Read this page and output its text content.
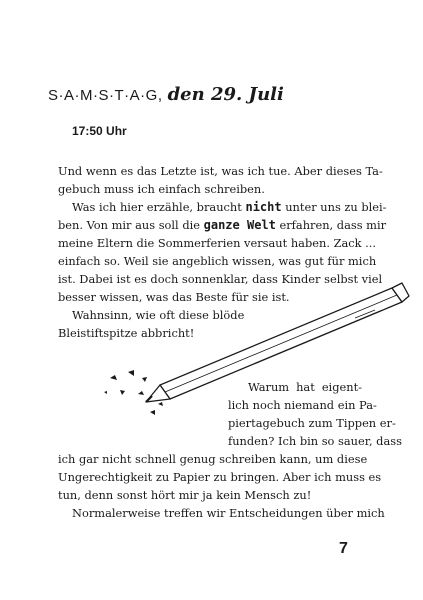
S·A·M·S·T·A·G, den 29. Juli
17:50 Uhr
Und wenn es das Letzte ist, was ich tue. Aber dieses Ta-
gebuch muss ich einfach schreiben.
Was ich hier erzähle, braucht nicht unter uns zu blei-
ben. Von mir aus soll die ganze Welt erfahren, dass mir
meine Eltern die Sommerferien versaut haben. Zack ...
einfach so. Weil sie angeblich wissen, was gut für mich
ist. Dabei ist es doch sonnenklar, dass Kinder selbst viel
besser wissen, was das Beste für sie ist.
Wahnsinn, wie oft diese blöde
Bleistiftspitze abbricht!
Warum hat eigent-
lich noch niemand ein Pa-
piertagebuch zum Tippen er-
funden? Ich bin so sauer, dass
ich gar nicht schnell genug schreiben kann, um diese
Ungerechtigkeit zu Papier zu bringen. Aber ich muss es
tun, denn sonst hört mir ja kein Mensch zu!
Normalerweise treffen wir Entscheidungen über mich
7
